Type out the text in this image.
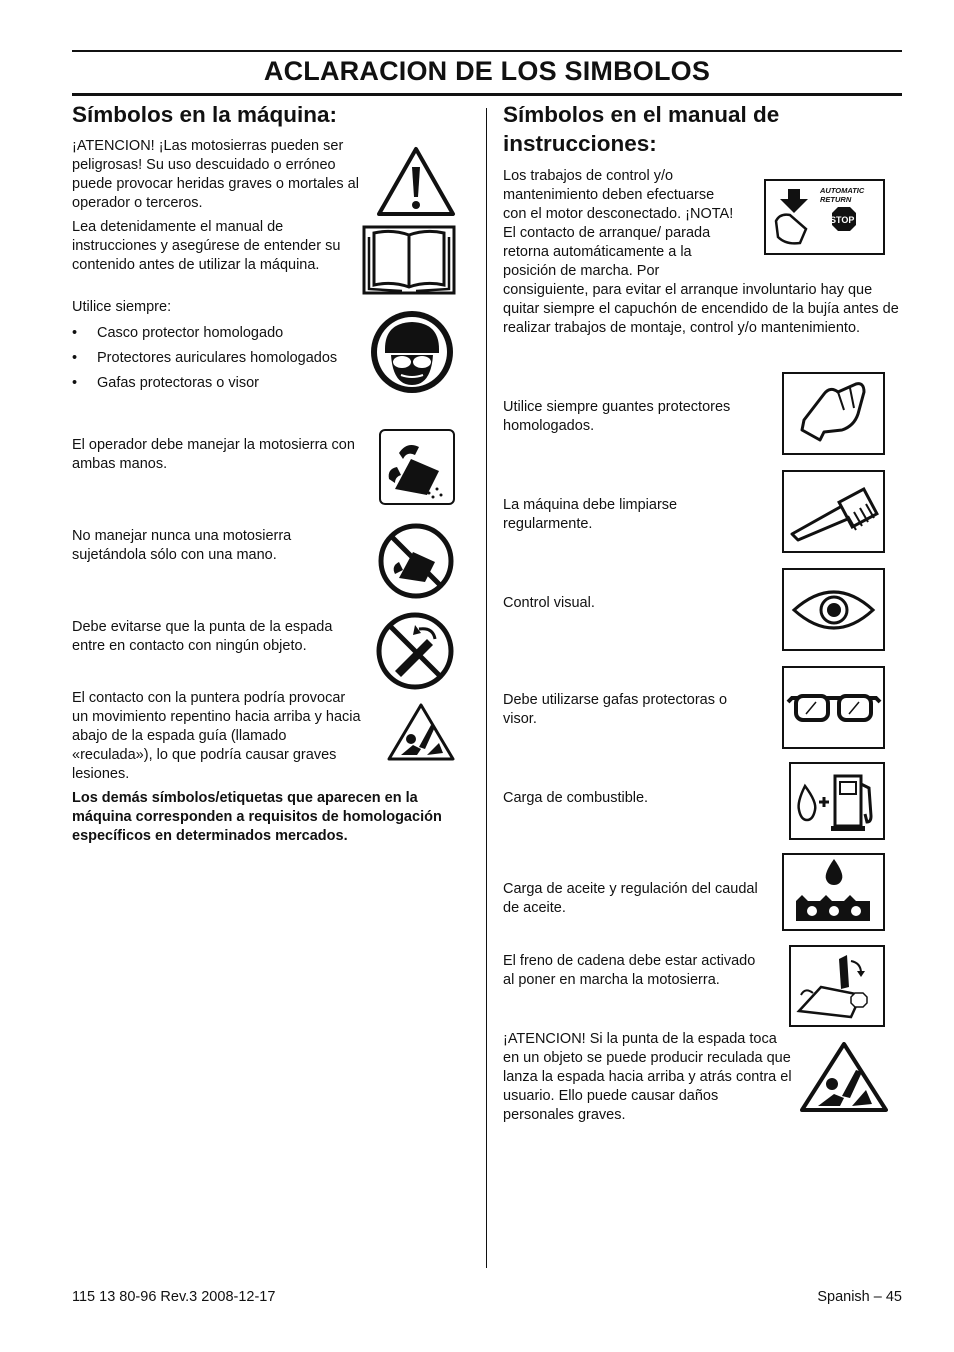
ACLARACION DE LOS SIMBOLOS
Símbolos en la máquina:

¡ATENCION! ¡Las motosierras pueden ser peligrosas! Su uso descuidado o erróneo puede provocar heridas graves o mortales al operador o terceros.

Lea detenidamente el manual de instrucciones y asegúrese de entender su contenido antes de utilizar la máquina.

Utilice siempre:

• Casco protector homologado
• Protectores auriculares homologados
• Gafas protectoras o visor

El operador debe manejar la motosierra con ambas manos.

No manejar nunca una motosierra sujetándola sólo con una mano.

Debe evitarse que la punta de la espada entre en contacto con ningún objeto.

El contacto con la puntera podría provocar un movimiento repentino hacia arriba y hacia abajo de la espada guía (llamado «reculada»), lo que podría causar graves lesiones.

Los demás símbolos/etiquetas que aparecen en la máquina corresponden a requisitos de homologación específicos en determinados mercados.

Símbolos en el manual de instrucciones:

Los trabajos de control y/o mantenimiento deben efectuarse con el motor desconectado. ¡NOTA! El contacto de arranque/ parada retorna automáticamente a la posición de marcha. Por

AUTOMATIC
RETURN
STOP

consiguiente, para evitar el arranque involuntario hay que quitar siempre el capuchón de encendido de la bujía antes de realizar trabajos de montaje, control y/o mantenimiento.

Utilice siempre guantes protectores homologados.

La máquina debe limpiarse regularmente.

Control visual.

Debe utilizarse gafas protectoras o visor.

Carga de combustible.

Carga de aceite y regulación del caudal de aceite.

El freno de cadena debe estar activado al poner en marcha la motosierra.

¡ATENCION! Si la punta de la espada toca en un objeto se puede producir reculada que lanza la espada hacia arriba y atrás contra el usuario. Ello puede causar daños personales graves.

115 13 80-96 Rev.3 2008-12-17	Spanish – 45
